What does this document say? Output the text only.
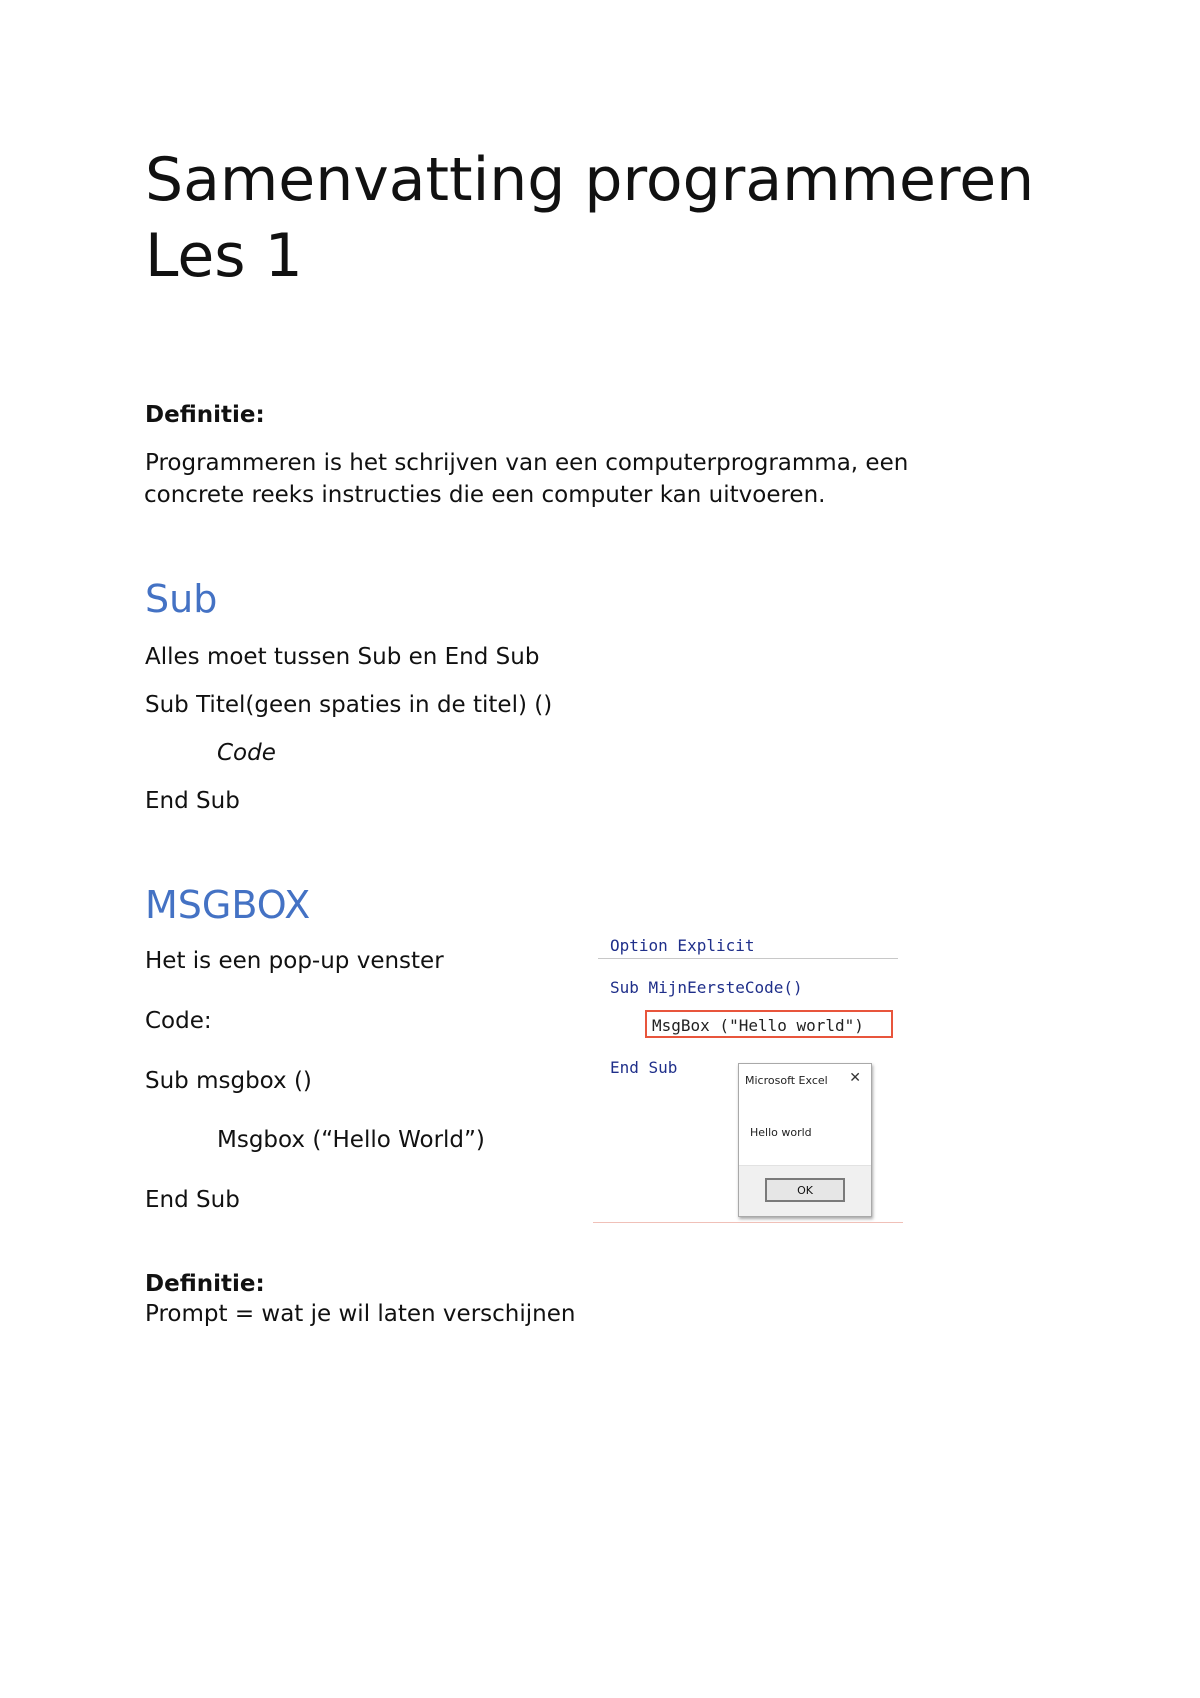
Samenvatting programmeren
Les 1
Definitie:
Programmeren is het schrijven van een computerprogramma, een
concrete reeks instructies die een computer kan uitvoeren.
Sub
Alles moet tussen Sub en End Sub
Sub Titel(geen spaties in de titel) ()
Code
End Sub
MSGBOX
Het is een pop-up venster
Code:
Sub msgbox ()
Msgbox (“Hello World”)
End Sub
Option Explicit
Sub MijnEersteCode()
MsgBox ("Hello world")
End Sub
Microsoft Excel ✕
Hello world
OK
Definitie:
Prompt = wat je wil laten verschijnen
